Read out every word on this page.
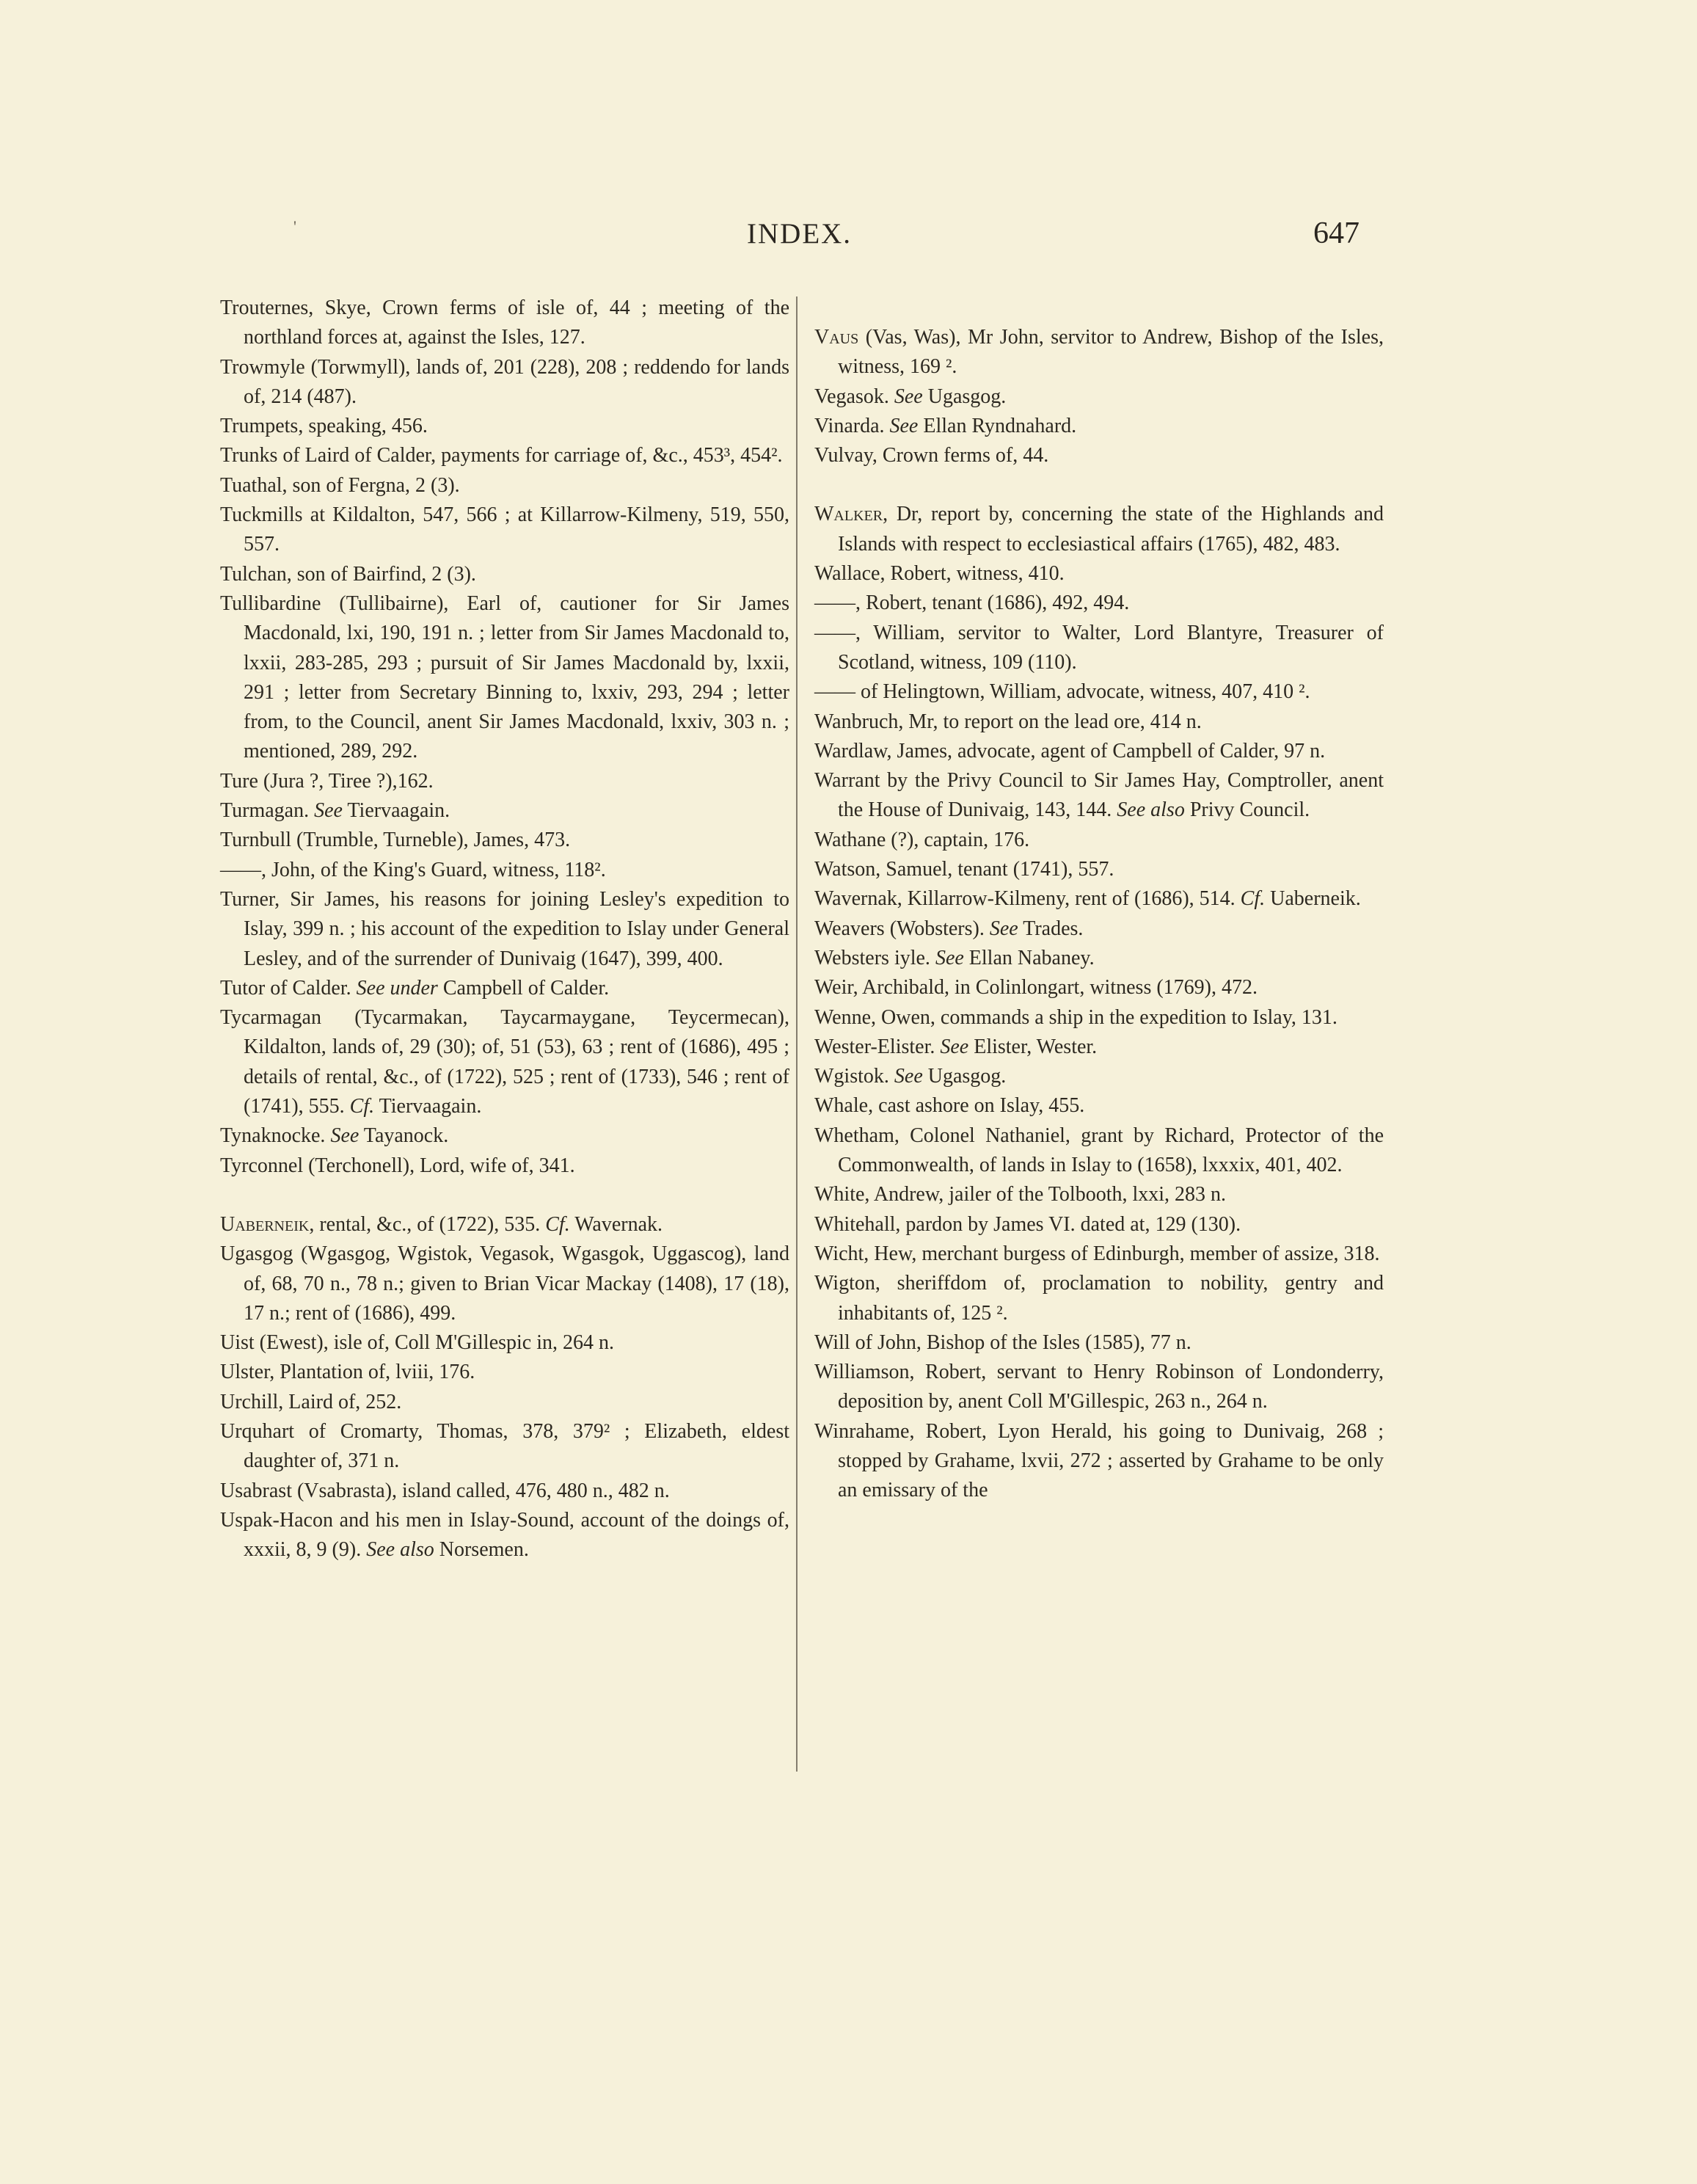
'	INDEX.	647
Trouternes, Skye, Crown ferms of isle of, 44 ; meeting of the northland forces at, against the Isles, 127.
Trowmyle (Torwmyll), lands of, 201 (228), 208 ; reddendo for lands of, 214 (487).
Trumpets, speaking, 456.
Trunks of Laird of Calder, payments for carriage of, &c., 453³, 454².
Tuathal, son of Fergna, 2 (3).
Tuckmills at Kildalton, 547, 566 ; at Killarrow-Kilmeny, 519, 550, 557.
Tulchan, son of Bairfind, 2 (3).
Tullibardine (Tullibairne), Earl of, cautioner for Sir James Macdonald, lxi, 190, 191 n. ; letter from Sir James Macdonald to, lxxii, 283-285, 293 ; pursuit of Sir James Macdonald by, lxxii, 291 ; letter from Secretary Binning to, lxxiv, 293, 294 ; letter from, to the Council, anent Sir James Macdonald, lxxiv, 303 n. ; mentioned, 289, 292.
Ture (Jura ?, Tiree ?),162.
Turmagan. See Tiervaagain.
Turnbull (Trumble, Turneble), James, 473.
——, John, of the King's Guard, witness, 118².
Turner, Sir James, his reasons for joining Lesley's expedition to Islay, 399 n. ; his account of the expedition to Islay under General Lesley, and of the surrender of Dunivaig (1647), 399, 400.
Tutor of Calder. See under Campbell of Calder.
Tycarmagan (Tycarmakan, Taycarmaygane, Teycermecan), Kildalton, lands of, 29 (30); of, 51 (53), 63 ; rent of (1686), 495 ; details of rental, &c., of (1722), 525 ; rent of (1733), 546 ; rent of (1741), 555. Cf. Tiervaagain.
Tynaknocke. See Tayanock.
Tyrconnel (Terchonell), Lord, wife of, 341.
Uaberneik, rental, &c., of (1722), 535. Cf. Wavernak.
Ugasgog (Wgasgog, Wgistok, Vegasok, Wgasgok, Uggascog), land of, 68, 70 n., 78 n.; given to Brian Vicar Mackay (1408), 17 (18), 17 n.; rent of (1686), 499.
Uist (Ewest), isle of, Coll M'Gillespic in, 264 n.
Ulster, Plantation of, lviii, 176.
Urchill, Laird of, 252.
Urquhart of Cromarty, Thomas, 378, 379² ; Elizabeth, eldest daughter of, 371 n.
Usabrast (Vsabrasta), island called, 476, 480 n., 482 n.
Uspak-Hacon and his men in Islay-Sound, account of the doings of, xxxii, 8, 9 (9). See also Norsemen.
Vaus (Vas, Was), Mr John, servitor to Andrew, Bishop of the Isles, witness, 169 ².
Vegasok. See Ugasgog.
Vinarda. See Ellan Ryndnahard.
Vulvay, Crown ferms of, 44.
Walker, Dr, report by, concerning the state of the Highlands and Islands with respect to ecclesiastical affairs (1765), 482, 483.
Wallace, Robert, witness, 410.
——, Robert, tenant (1686), 492, 494.
——, William, servitor to Walter, Lord Blantyre, Treasurer of Scotland, witness, 109 (110).
—— of Helingtown, William, advocate, witness, 407, 410 ².
Wanbruch, Mr, to report on the lead ore, 414 n.
Wardlaw, James, advocate, agent of Campbell of Calder, 97 n.
Warrant by the Privy Council to Sir James Hay, Comptroller, anent the House of Dunivaig, 143, 144. See also Privy Council.
Wathane (?), captain, 176.
Watson, Samuel, tenant (1741), 557.
Wavernak, Killarrow-Kilmeny, rent of (1686), 514. Cf. Uaberneik.
Weavers (Wobsters). See Trades.
Websters iyle. See Ellan Nabaney.
Weir, Archibald, in Colinlongart, witness (1769), 472.
Wenne, Owen, commands a ship in the expedition to Islay, 131.
Wester-Elister. See Elister, Wester.
Wgistok. See Ugasgog.
Whale, cast ashore on Islay, 455.
Whetham, Colonel Nathaniel, grant by Richard, Protector of the Commonwealth, of lands in Islay to (1658), lxxxix, 401, 402.
White, Andrew, jailer of the Tolbooth, lxxi, 283 n.
Whitehall, pardon by James VI. dated at, 129 (130).
Wicht, Hew, merchant burgess of Edinburgh, member of assize, 318.
Wigton, sheriffdom of, proclamation to nobility, gentry and inhabitants of, 125 ².
Will of John, Bishop of the Isles (1585), 77 n.
Williamson, Robert, servant to Henry Robinson of Londonderry, deposition by, anent Coll M'Gillespic, 263 n., 264 n.
Winrahame, Robert, Lyon Herald, his going to Dunivaig, 268 ; stopped by Grahame, lxvii, 272 ; asserted by Grahame to be only an emissary of the
